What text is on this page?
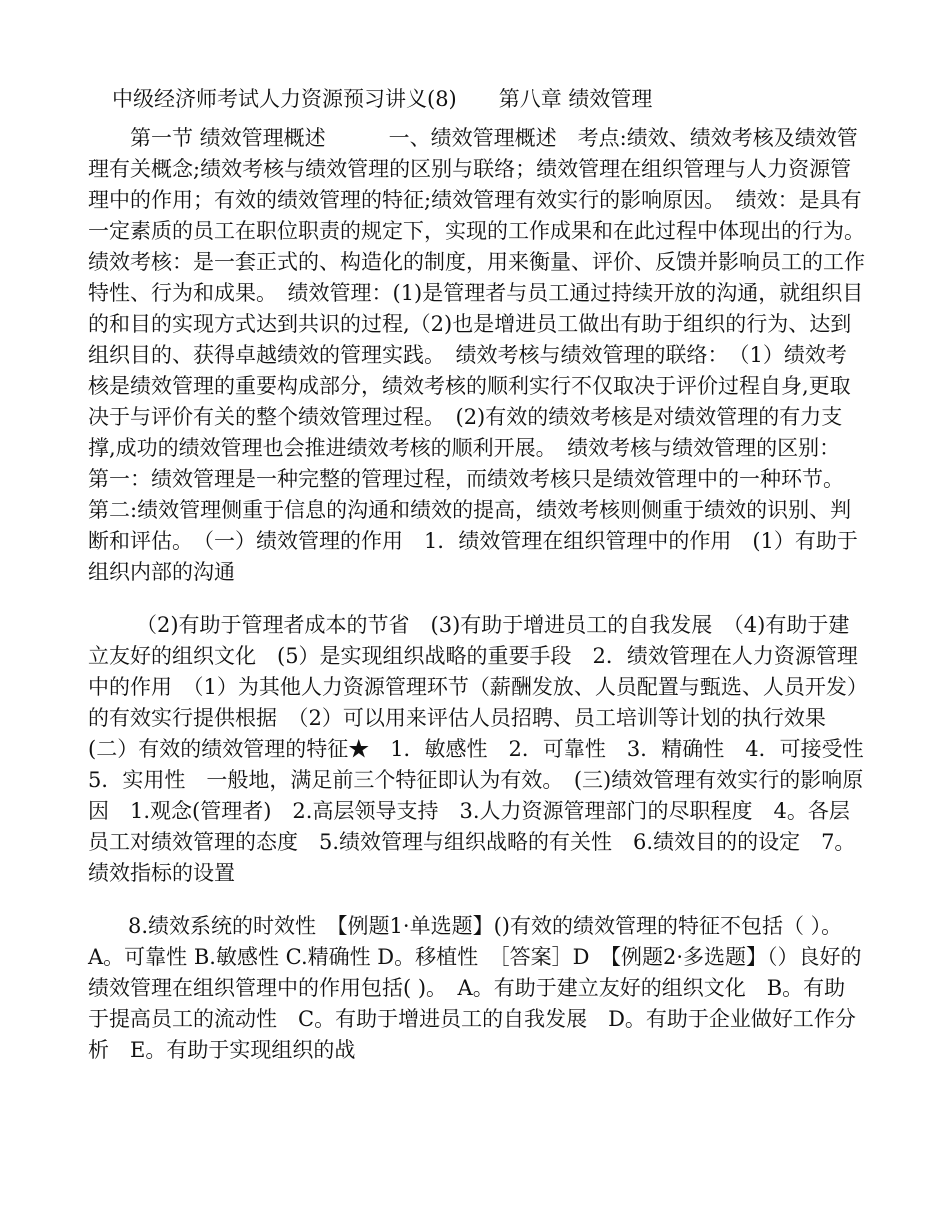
中级经济师考试人力资源预习讲义(8)　　第八章 绩效管理

第一节 绩效管理概述　　　一、绩效管理概述　考点:绩效、绩效考核及绩效管理有关概念;绩效考核与绩效管理的区别与联络；绩效管理在组织管理与人力资源管理中的作用；有效的绩效管理的特征;绩效管理有效实行的影响原因。　绩效：是具有一定素质的员工在职位职责的规定下，实现的工作成果和在此过程中体现出的行为。　绩效考核：是一套正式的、构造化的制度，用来衡量、评价、反馈并影响员工的工作特性、行为和成果。　绩效管理：(1)是管理者与员工通过持续开放的沟通，就组织目的和目的实现方式达到共识的过程,（2)也是增进员工做出有助于组织的行为、达到组织目的、获得卓越绩效的管理实践。　绩效考核与绩效管理的联络：　（1）绩效考核是绩效管理的重要构成部分，绩效考核的顺利实行不仅取决于评价过程自身,更取决于与评价有关的整个绩效管理过程。　(2)有效的绩效考核是对绩效管理的有力支撑,成功的绩效管理也会推进绩效考核的顺利开展。　绩效考核与绩效管理的区别：　第一：绩效管理是一种完整的管理过程，而绩效考核只是绩效管理中的一种环节。　第二:绩效管理侧重于信息的沟通和绩效的提高，绩效考核则侧重于绩效的识别、判断和评估。　（一）绩效管理的作用　1．绩效管理在组织管理中的作用　(1）有助于组织内部的沟通

（2)有助于管理者成本的节省　(3)有助于增进员工的自我发展　（4)有助于建立友好的组织文化　(5）是实现组织战略的重要手段　2．绩效管理在人力资源管理中的作用　（1）为其他人力资源管理环节（薪酬发放、人员配置与甄选、人员开发）的有效实行提供根据　（2）可以用来评估人员招聘、员工培训等计划的执行效果　(二）有效的绩效管理的特征★　1．敏感性　2．可靠性　3．精确性　4．可接受性　5．实用性　一般地，满足前三个特征即认为有效。　(三)绩效管理有效实行的影响原因　1.观念(管理者)　2.高层领导支持　3.人力资源管理部门的尽职程度　4。各层员工对绩效管理的态度　5.绩效管理与组织战略的有关性　6.绩效目的的设定　7。绩效指标的设置

8.绩效系统的时效性　【例题1·单选题】()有效的绩效管理的特征不包括（ ）。　A。可靠性 B.敏感性 C.精确性 D。移植性　［答案］D　【例题2·多选题】（）良好的绩效管理在组织管理中的作用包括( )。　A。有助于建立友好的组织文化　B。有助于提高员工的流动性　C。有助于增进员工的自我发展　D。有助于企业做好工作分析　E。有助于实现组织的战
